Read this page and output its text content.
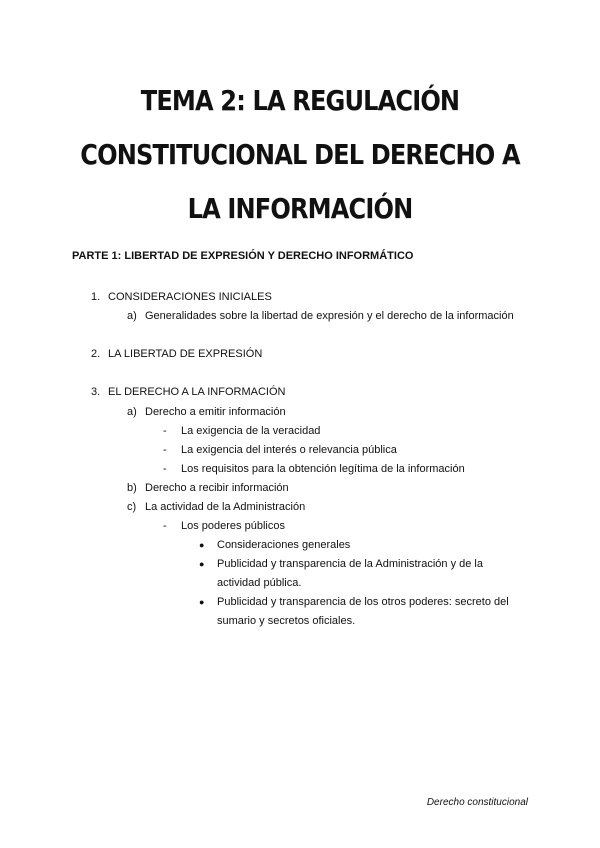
TEMA 2: LA REGULACIÓN
CONSTITUCIONAL DEL DERECHO A
LA INFORMACIÓN
PARTE 1: LIBERTAD DE EXPRESIÓN Y DERECHO INFORMÁTICO
1. CONSIDERACIONES INICIALES
a) Generalidades sobre la libertad de expresión y el derecho de la información
2. LA LIBERTAD DE EXPRESIÓN
3. EL DERECHO A LA INFORMACIÓN
a) Derecho a emitir información
- La exigencia de la veracidad
- La exigencia del interés o relevancia pública
- Los requisitos para la obtención legítima de la información
b) Derecho a recibir información
c) La actividad de la Administración
- Los poderes públicos
● Consideraciones generales
● Publicidad y transparencia de la Administración y de la
actividad pública.
● Publicidad y transparencia de los otros poderes: secreto del
sumario y secretos oficiales.
Derecho constitucional
